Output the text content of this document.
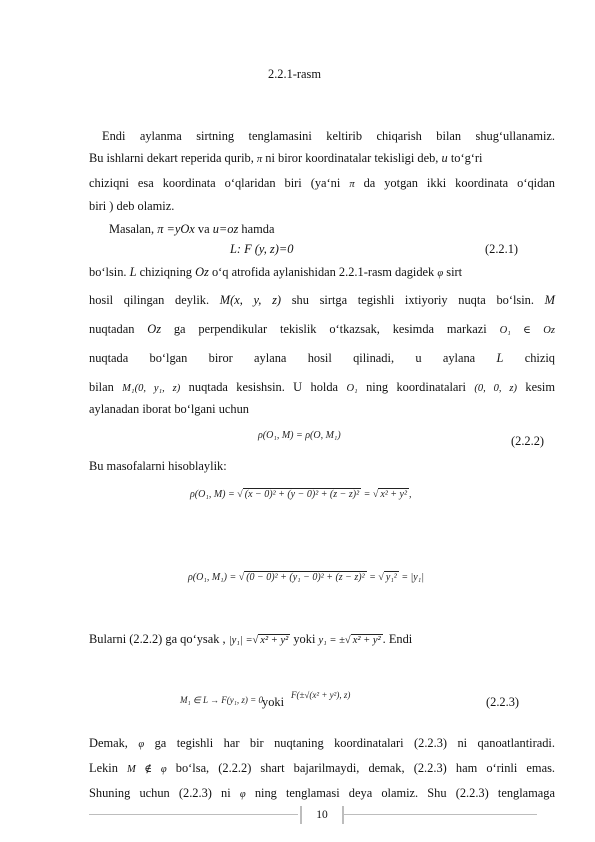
2.2.1-rasm
Endi aylanma sirtning tenglamasini keltirib chiqarish bilan shug‘ullanamiz.
Bu ishlarni dekart reperida qurib, π ni biror koordinatalar tekisligi deb, u to‘g‘ri
chiziqni esa koordinata o‘qlaridan biri (ya‘ni π da yotgan ikki koordinata o‘qidan
biri ) deb olamiz.
Masalan, π =yOx va u=oz hamda
L: F (y, z)=0	(2.2.1)
bo‘lsin. L chiziqning Oz o‘q atrofida aylanishidan 2.2.1-rasm dagidek φ sirt
hosil qilingan deylik. M(x, y, z) shu sirtga tegishli ixtiyoriy nuqta bo‘lsin. M
nuqtadan Oz ga perpendikular tekislik o‘tkazsak, kesimda markazi O₁ ∈ Oz
nuqtada bo‘lgan biror aylana hosil qilinadi, u aylana L chiziq
bilan M₁(0, y₁, z) nuqtada kesishsin. U holda O₁ ning koordinatalari (0, 0, z) kesim
aylanadan iborat bo‘lgani uchun
ρ(O₁, M) = ρ(O, M₁)	(2.2.2)
Bu masofalarni hisoblaylik:
ρ(O₁, M) = √ (x − 0)² + (y − 0)² + (z − z)² = √ x² + y² ,
ρ(O₁, M₁) = √ (0 − 0)² + (y₁ − 0)² + (z − z)² = √ y₁² = |y₁|
Bularni (2.2.2) ga qo‘ysak , |y₁| =√ x² + y² yoki y₁ = ±√ x² + y² . Endi
M₁ ∈ L → F(y₁, z) = 0 yoki F(±√(x² + y²), z)	(2.2.3)
Demak, φ ga tegishli har bir nuqtaning koordinatalari (2.2.3) ni qanoatlantiradi.
Lekin M ∉ φ bo‘lsa, (2.2.2) shart bajarilmaydi, demak, (2.2.3) ham o‘rinli emas.
Shuning uchun (2.2.3) ni φ ning tenglamasi deya olamiz. Shu (2.2.3) tenglamaga
10
